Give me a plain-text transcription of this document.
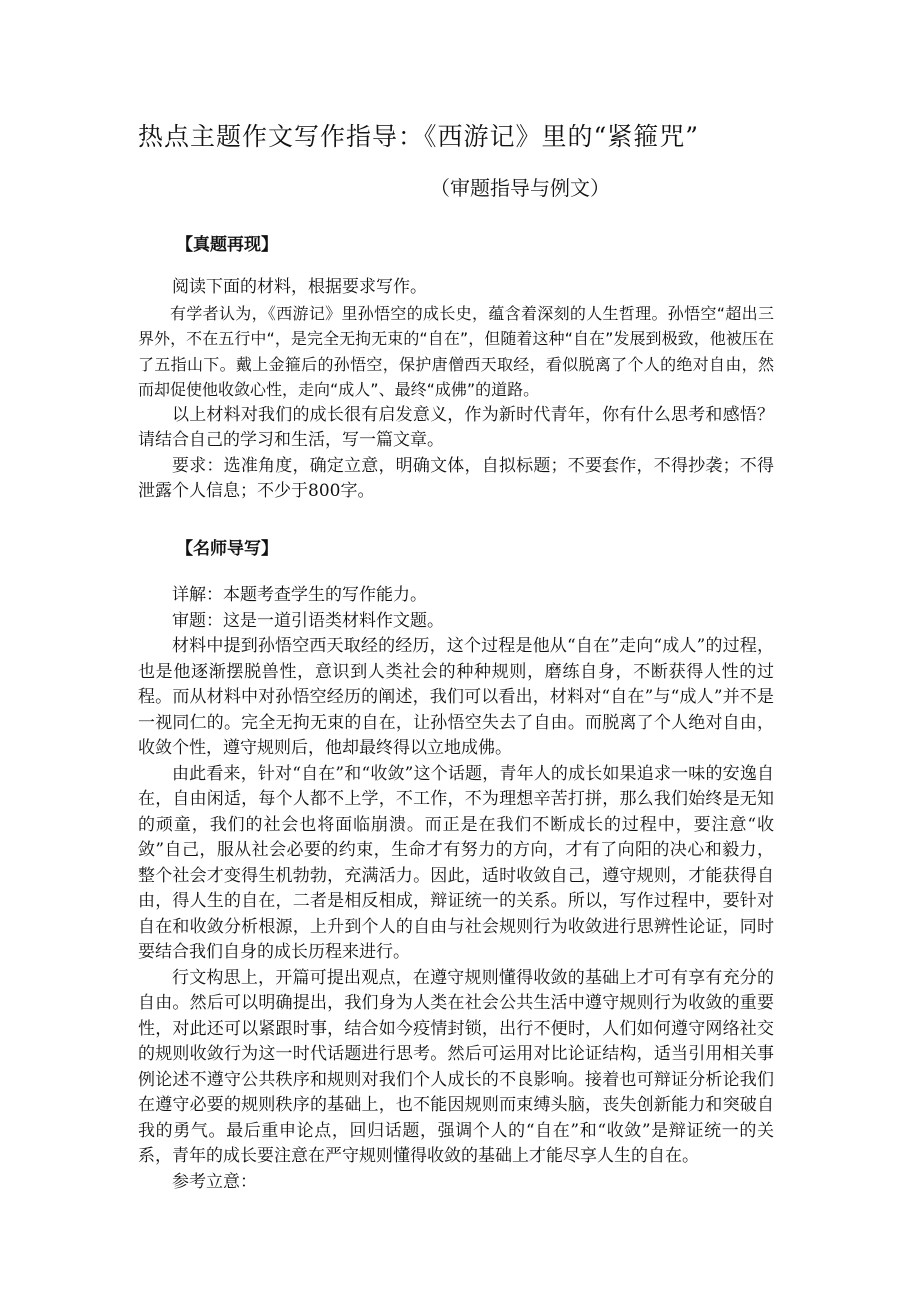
热点主题作文写作指导：《西游记》里的“紧箍咒”
（审题指导与例文）
【真题再现】

阅读下面的材料，根据要求写作。

有学者认为，《西游记》里孙悟空的成长史，蕴含着深刻的人生哲理。孙悟空“超出三界外，不在五行中“，是完全无拘无束的“自在”，但随着这种“自在”发展到极致，他被压在了五指山下。戴上金箍后的孙悟空，保护唐僧西天取经，看似脱离了个人的绝对自由，然而却促使他收敛心性，走向“成人”、最终“成佛”的道路。

以上材料对我们的成长很有启发意义，作为新时代青年，你有什么思考和感悟？请结合自己的学习和生活，写一篇文章。

要求：选准角度，确定立意，明确文体，自拟标题；不要套作，不得抄袭；不得泄露个人信息；不少于800字。

【名师导写】

详解：本题考查学生的写作能力。

审题：这是一道引语类材料作文题。

材料中提到孙悟空西天取经的经历，这个过程是他从“自在”走向“成人”的过程，也是他逐渐摆脱兽性，意识到人类社会的种种规则，磨练自身，不断获得人性的过程。而从材料中对孙悟空经历的阐述，我们可以看出，材料对“自在”与“成人”并不是一视同仁的。完全无拘无束的自在，让孙悟空失去了自由。而脱离了个人绝对自由，收敛个性，遵守规则后，他却最终得以立地成佛。

由此看来，针对“自在”和“收敛”这个话题，青年人的成长如果追求一味的安逸自在，自由闲适，每个人都不上学，不工作，不为理想辛苦打拼，那么我们始终是无知的顽童，我们的社会也将面临崩溃。而正是在我们不断成长的过程中，要注意“收敛”自己，服从社会必要的约束，生命才有努力的方向，才有了向阳的决心和毅力，整个社会才变得生机勃勃，充满活力。因此，适时收敛自己，遵守规则，才能获得自由，得人生的自在，二者是相反相成，辩证统一的关系。所以，写作过程中，要针对自在和收敛分析根源，上升到个人的自由与社会规则行为收敛进行思辨性论证，同时要结合我们自身的成长历程来进行。

行文构思上，开篇可提出观点，在遵守规则懂得收敛的基础上才可有享有充分的自由。然后可以明确提出，我们身为人类在社会公共生活中遵守规则行为收敛的重要性，对此还可以紧跟时事，结合如今疫情封锁，出行不便时，人们如何遵守网络社交的规则收敛行为这一时代话题进行思考。然后可运用对比论证结构，适当引用相关事例论述不遵守公共秩序和规则对我们个人成长的不良影响。接着也可辩证分析论我们在遵守必要的规则秩序的基础上，也不能因规则而束缚头脑，丧失创新能力和突破自我的勇气。最后重申论点，回归话题，强调个人的“自在”和“收敛”是辩证统一的关系，青年的成长要注意在严守规则懂得收敛的基础上才能尽享人生的自在。

参考立意：
